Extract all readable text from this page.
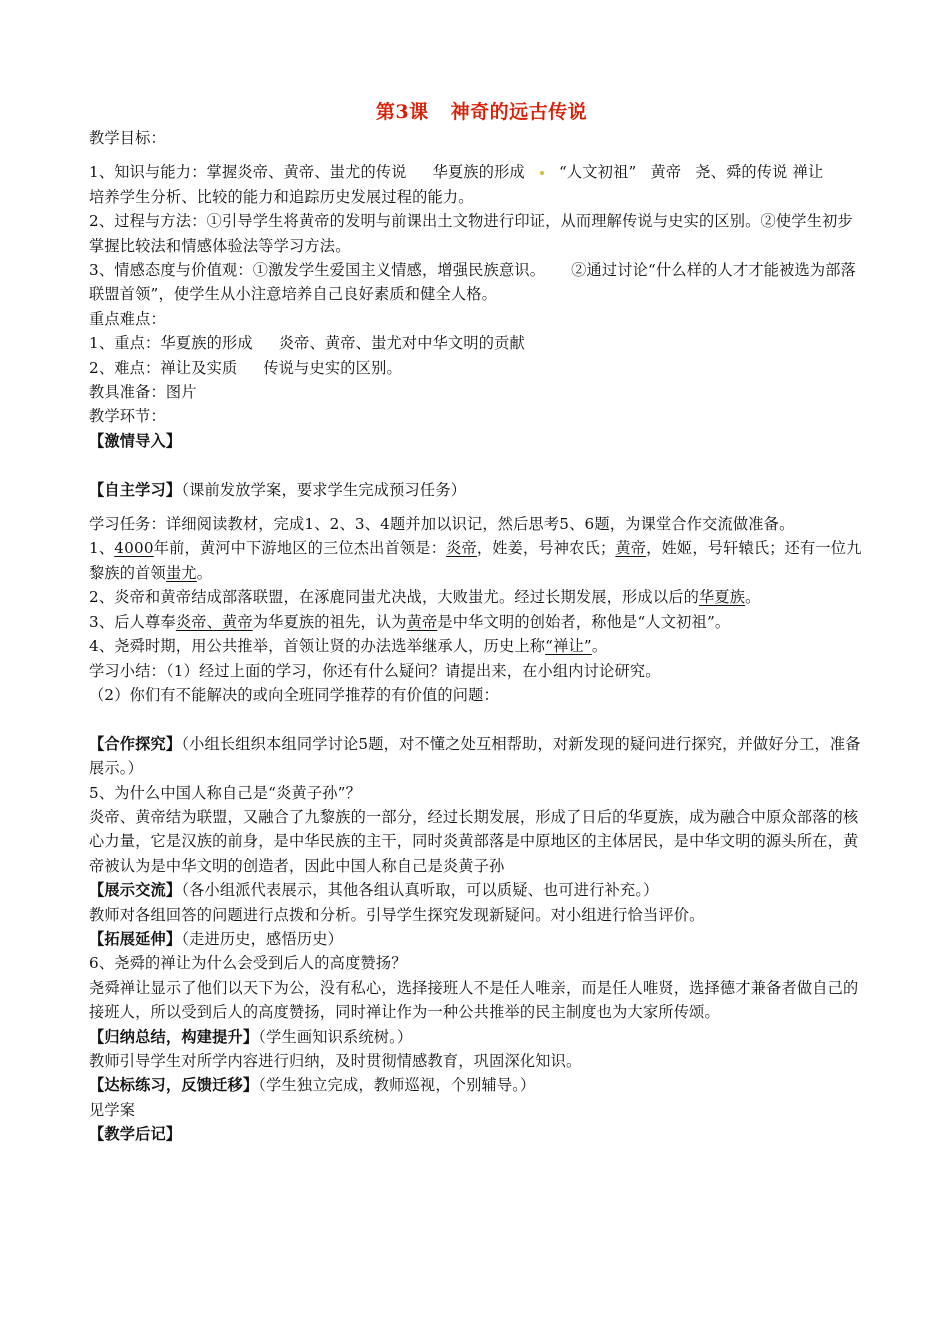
第3课 神奇的远古传说

教学目标：

1、知识与能力：掌握炎帝、黄帝、蚩尤的传说 华夏族的形成 “人文初祖” 黄帝 尧、舜的传说 禅让培养学生分析、比较的能力和追踪历史发展过程的能力。

2、过程与方法：①引导学生将黄帝的发明与前课出土文物进行印证，从而理解传说与史实的区别。②使学生初步掌握比较法和情感体验法等学习方法。

3、情感态度与价值观：①激发学生爱国主义情感，增强民族意识。 ②通过讨论“什么样的人才才能被选为部落联盟首领”，使学生从小注意培养自己良好素质和健全人格。

重点难点：

1、重点：华夏族的形成 炎帝、黄帝、蚩尤对中华文明的贡献

2、难点：禅让及实质 传说与史实的区别。

教具准备：图片

教学环节：

【激情导入】

【自主学习】（课前发放学案，要求学生完成预习任务）

学习任务：详细阅读教材，完成1、2、3、4题并加以识记，然后思考5、6题，为课堂合作交流做准备。

1、4000年前，黄河中下游地区的三位杰出首领是：炎帝，姓姜，号神农氏；黄帝，姓姬，号轩辕氏；还有一位九黎族的首领蚩尤。

2、炎帝和黄帝结成部落联盟，在涿鹿同蚩尤决战，大败蚩尤。经过长期发展，形成以后的华夏族。

3、后人尊奉炎帝、黄帝为华夏族的祖先，认为黄帝是中华文明的创始者，称他是“人文初祖”。

4、尧舜时期，用公共推举，首领让贤的办法选举继承人，历史上称“禅让”。

学习小结：（1）经过上面的学习，你还有什么疑问？请提出来，在小组内讨论研究。

（2）你们有不能解决的或向全班同学推荐的有价值的问题：

【合作探究】（小组长组织本组同学讨论5题，对不懂之处互相帮助，对新发现的疑问进行探究，并做好分工，准备展示。）

5、为什么中国人称自己是“炎黄子孙”？

炎帝、黄帝结为联盟，又融合了九黎族的一部分，经过长期发展，形成了日后的华夏族，成为融合中原众部落的核心力量，它是汉族的前身，是中华民族的主干，同时炎黄部落是中原地区的主体居民，是中华文明的源头所在，黄帝被认为是中华文明的创造者，因此中国人称自己是炎黄子孙

【展示交流】（各小组派代表展示，其他各组认真听取，可以质疑、也可进行补充。）

教师对各组回答的问题进行点拨和分析。引导学生探究发现新疑问。对小组进行恰当评价。

【拓展延伸】（走进历史，感悟历史）

6、尧舜的禅让为什么会受到后人的高度赞扬？

尧舜禅让显示了他们以天下为公，没有私心，选择接班人不是任人唯亲，而是任人唯贤，选择德才兼备者做自己的接班人，所以受到后人的高度赞扬，同时禅让作为一种公共推举的民主制度也为大家所传颂。

【归纳总结，构建提升】（学生画知识系统树。）

教师引导学生对所学内容进行归纳，及时贯彻情感教育，巩固深化知识。

【达标练习，反馈迁移】（学生独立完成，教师巡视，个别辅导。）

见学案

【教学后记】
